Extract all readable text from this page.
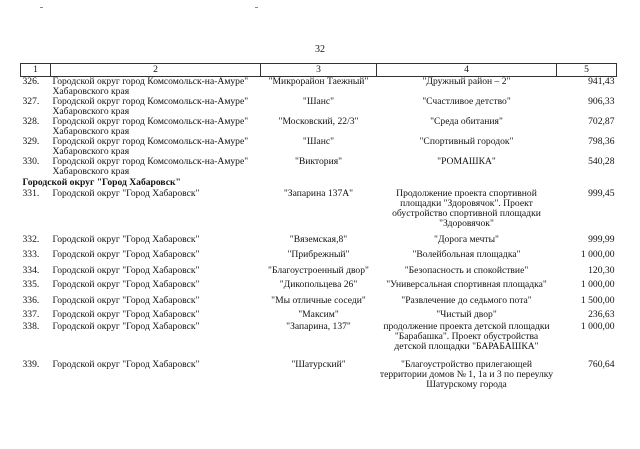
32
1	2	3	4	5
326.	Городской округ город Комсомольск-на-Амуре" Хабаровского края	"Микрорайон Таежный"	"Дружный район – 2"	941,43
327.	Городской округ город Комсомольск-на-Амуре" Хабаровского края	"Шанс"	"Счастливое детство"	906,33
328.	Городской округ город Комсомольск-на-Амуре" Хабаровского края	"Московский, 22/3"	"Среда обитания"	702,87
329.	Городской округ город Комсомольск-на-Амуре" Хабаровского края	"Шанс"	"Спортивный городок"	798,36
330.	Городской округ город Комсомольск-на-Амуре" Хабаровского края	"Виктория"	"РОМАШКА"	540,28
Городской округ "Город Хабаровск"				
331.	Городской округ "Город Хабаровск"	"Запарина 137А"	Продолжение проекта спортивной площадки "Здоровячок". Проект обустройство спортивной площадки "Здоровячок"	999,45
332.	Городской округ "Город Хабаровск"	"Вяземская,8"	"Дорога мечты"	999,99
333.	Городской округ "Город Хабаровск"	"Прибрежный"	"Волейбольная площадка"	1 000,00
334.	Городской округ "Город Хабаровск"	"Благоустроенный двор"	"Безопасность и спокойствие"	120,30
335.	Городской округ "Город Хабаровск"	"Дикопольцева 26"	"Универсальная спортивная площадка"	1 000,00
336.	Городской округ "Город Хабаровск"	"Мы отличные соседи"	"Развлечение до седьмого пота"	1 500,00
337.	Городской округ "Город Хабаровск"	"Максим"	"Чистый двор"	236,63
338.	Городской округ "Город Хабаровск"	"Запарина, 137"	продолжение проекта детской площадки "Барабашка". Проект обустройства детской площадки "БАРАБАШКА"	1 000,00
339.	Городской округ "Город Хабаровск"	"Шатурский"	"Благоустройство прилегающей территории домов № 1, 1а и 3 по переулку Шатурскому города	760,64
